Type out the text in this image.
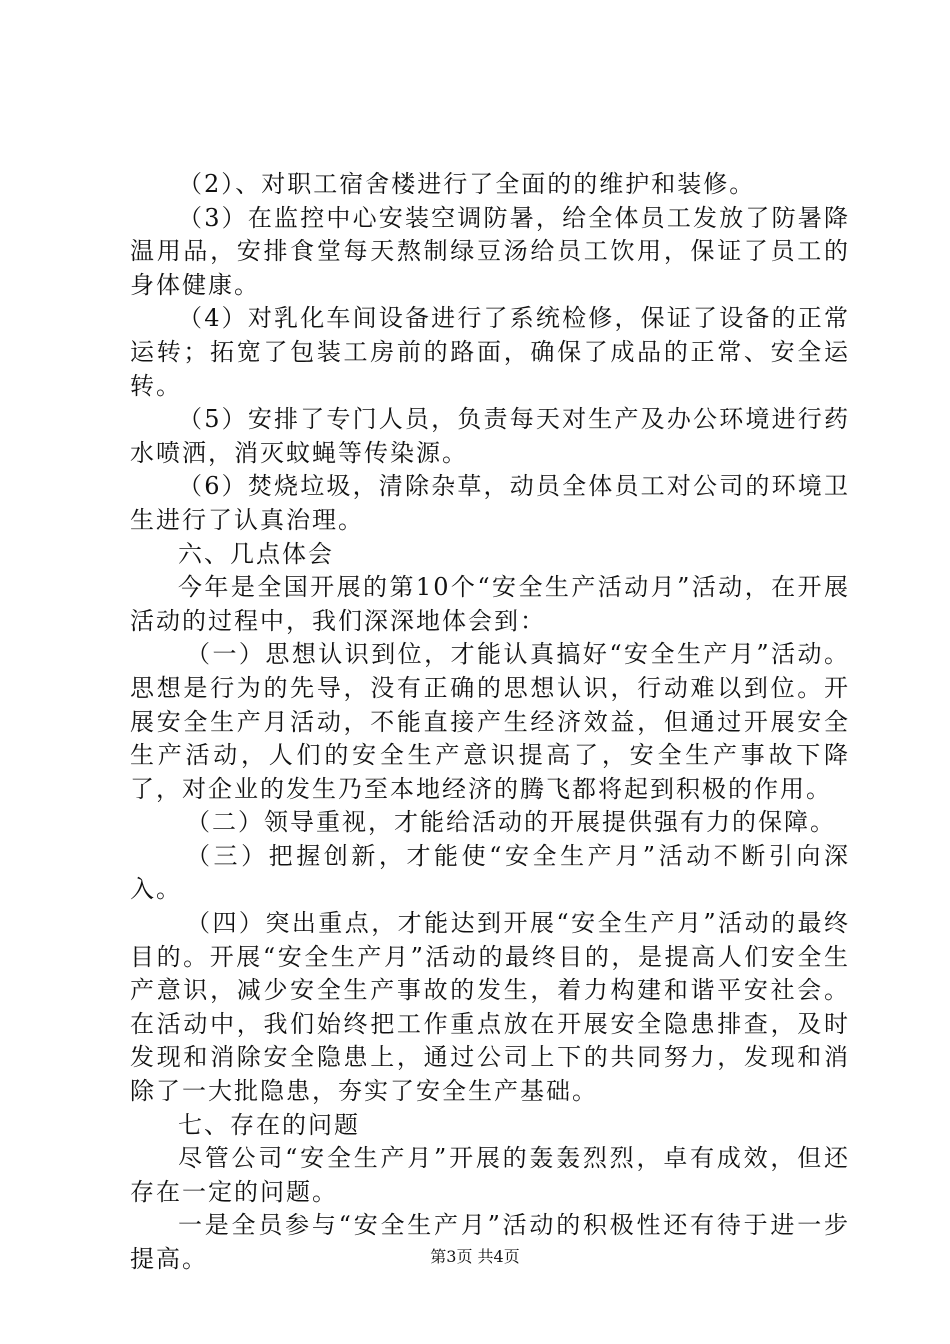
（2）、对职工宿舍楼进行了全面的的维护和装修。

（3）在监控中心安装空调防暑，给全体员工发放了防暑降温用品，安排食堂每天熬制绿豆汤给员工饮用，保证了员工的身体健康。

（4）对乳化车间设备进行了系统检修，保证了设备的正常运转；拓宽了包装工房前的路面，确保了成品的正常、安全运转。

（5）安排了专门人员，负责每天对生产及办公环境进行药水喷洒，消灭蚊蝇等传染源。

（6）焚烧垃圾，清除杂草，动员全体员工对公司的环境卫生进行了认真治理。

六、几点体会

今年是全国开展的第10个“安全生产活动月”活动，在开展活动的过程中，我们深深地体会到：

（一）思想认识到位，才能认真搞好“安全生产月”活动。思想是行为的先导，没有正确的思想认识，行动难以到位。开展安全生产月活动，不能直接产生经济效益，但通过开展安全生产活动，人们的安全生产意识提高了，安全生产事故下降了，对企业的发生乃至本地经济的腾飞都将起到积极的作用。

（二）领导重视，才能给活动的开展提供强有力的保障。

（三）把握创新，才能使“安全生产月”活动不断引向深入。

（四）突出重点，才能达到开展“安全生产月”活动的最终目的。开展“安全生产月”活动的最终目的，是提高人们安全生产意识，减少安全生产事故的发生，着力构建和谐平安社会。在活动中，我们始终把工作重点放在开展安全隐患排查，及时发现和消除安全隐患上，通过公司上下的共同努力，发现和消除了一大批隐患，夯实了安全生产基础。

七、存在的问题

尽管公司“安全生产月”开展的轰轰烈烈，卓有成效，但还存在一定的问题。

一是全员参与“安全生产月”活动的积极性还有待于进一步提高。	第3页 共4页
